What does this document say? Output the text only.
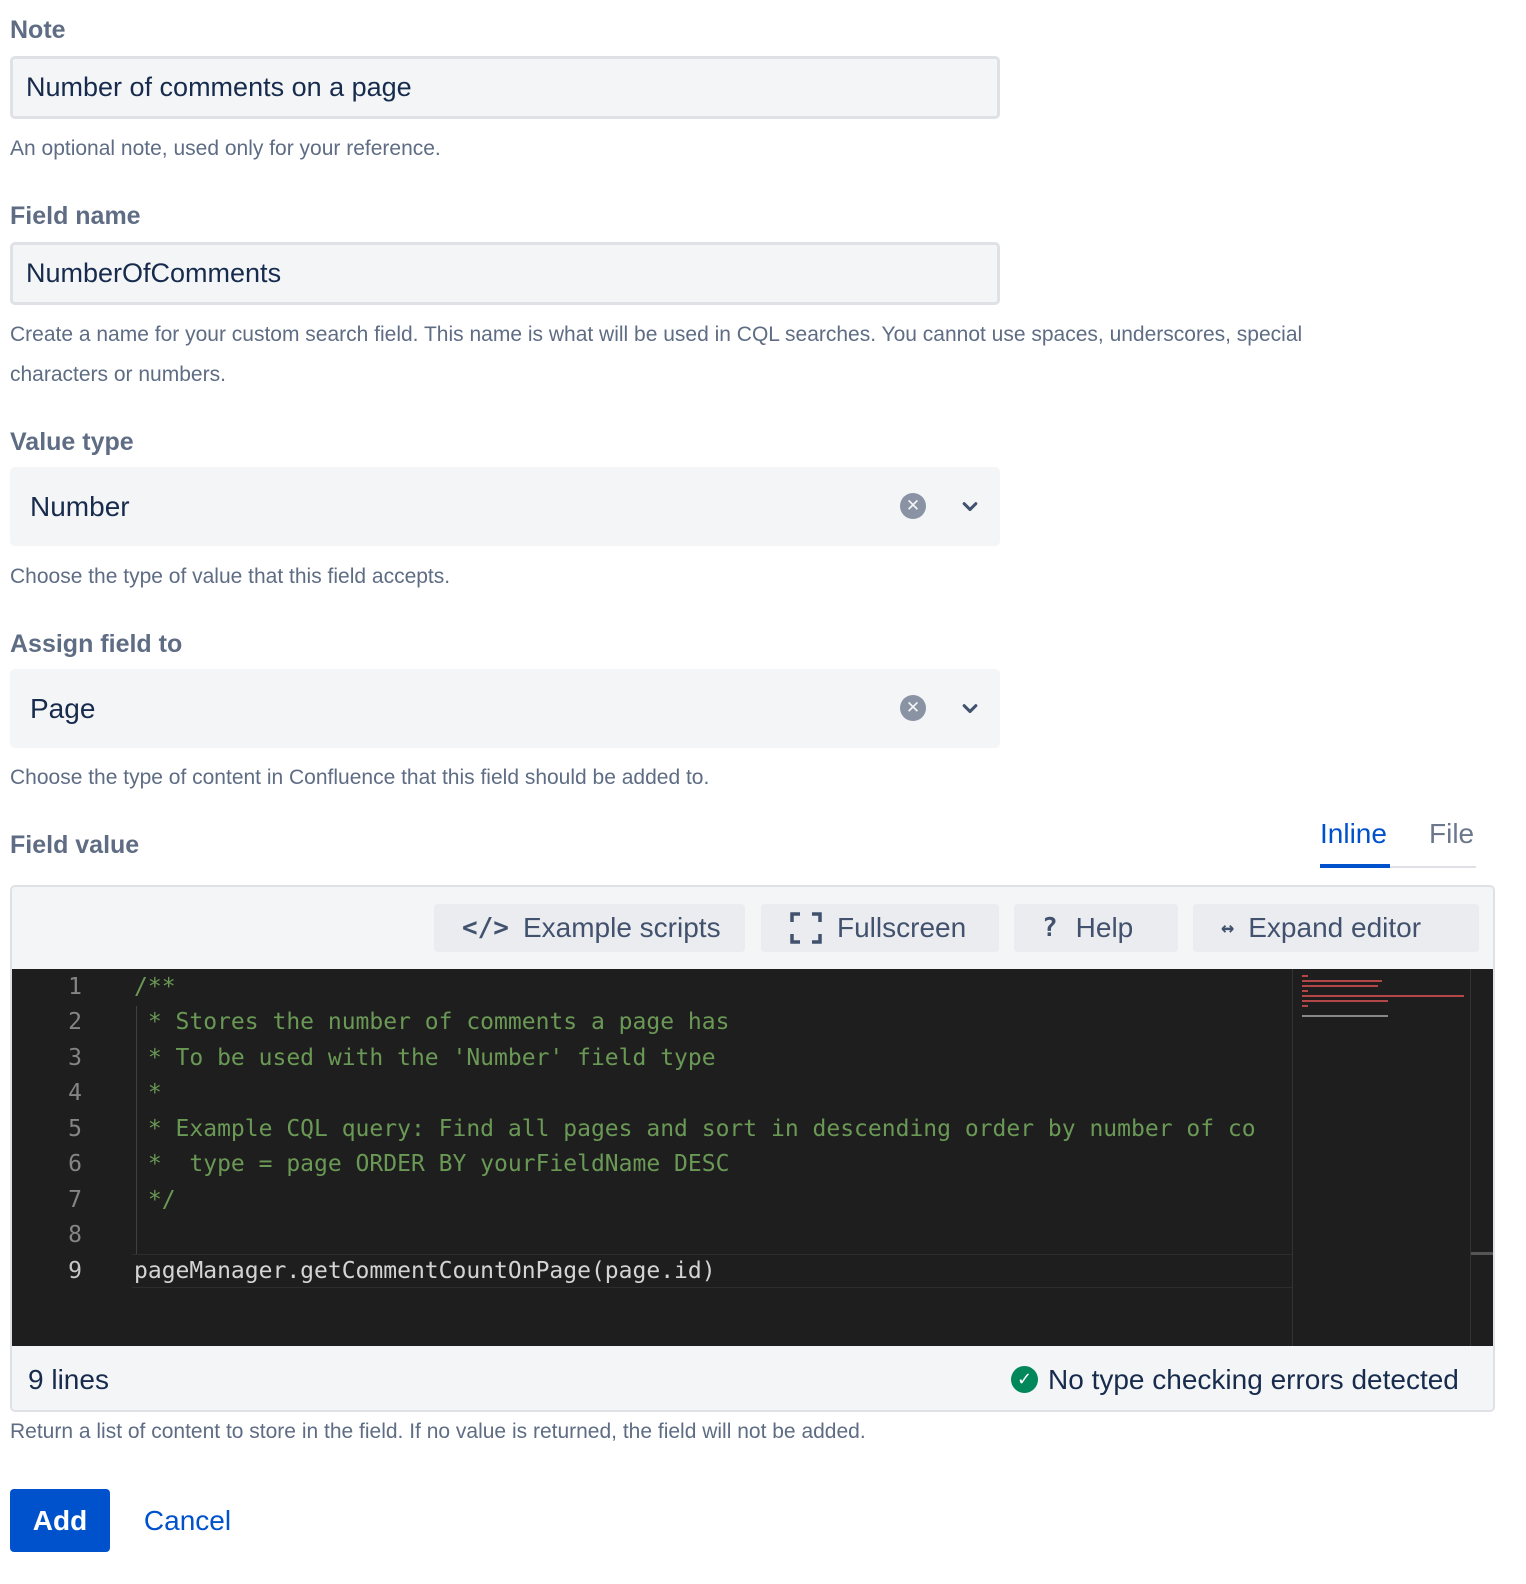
Note
Number of comments on a page
An optional note, used only for your reference.
Field name
NumberOfComments
Create a name for your custom search field. This name is what will be used in CQL searches. You cannot use spaces, underscores, special
characters or numbers.
Value type
Number	✕
Choose the type of value that this field accepts.
Assign field to
Page	✕
Choose the type of content in Confluence that this field should be added to.
Field value	Inline File
</> Example scripts	Fullscreen	? Help	↔ Expand editor
1
2
3
4
5
6
7
8
9
/**
* Stores the number of comments a page has
* To be used with the 'Number' field type
*
* Example CQL query: Find all pages and sort in descending order by number of co
*  type = page ORDER BY yourFieldName DESC
*/
pageManager.getCommentCountOnPage(page.id)
9 lines	✓ No type checking errors detected
Return a list of content to store in the field. If no value is returned, the field will not be added.
Add	Cancel
